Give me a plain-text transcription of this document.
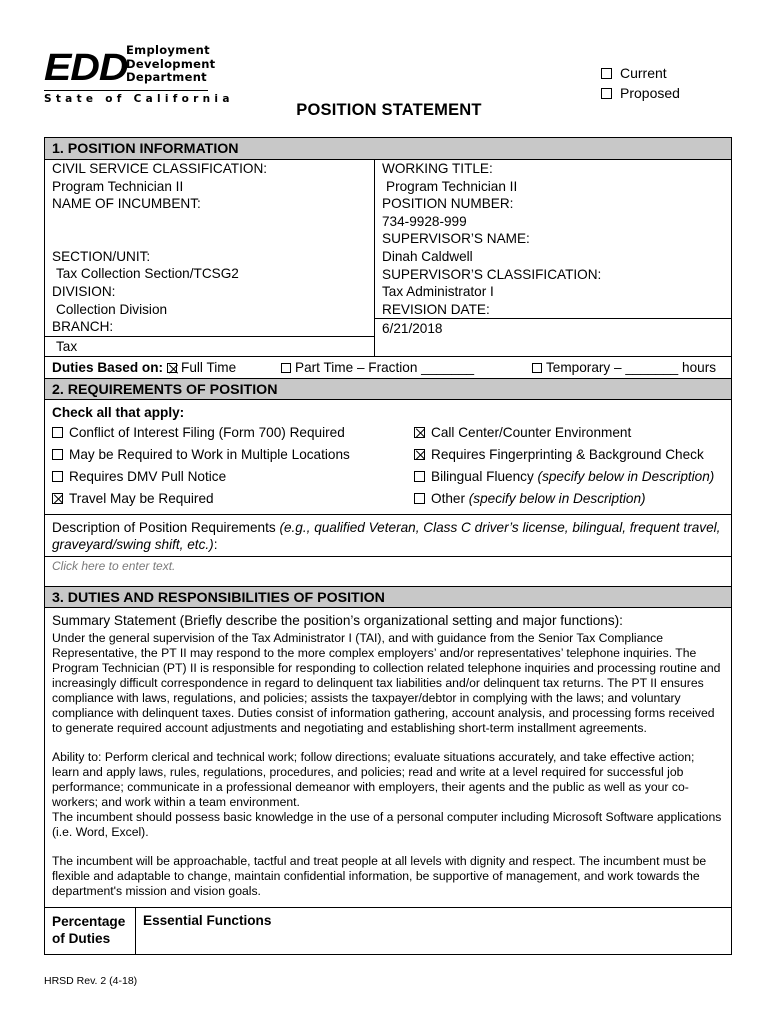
EDD
Employment
Development
Department
State of California
Current
Proposed
POSITION STATEMENT
1. POSITION INFORMATION
CIVIL SERVICE CLASSIFICATION:
Program Technician II
NAME OF INCUMBENT:
SECTION/UNIT:
Tax Collection Section/TCSG2
DIVISION:
Collection Division
BRANCH:
Tax
WORKING TITLE:
Program Technician II
POSITION NUMBER:
734-9928-999
SUPERVISOR’S NAME:
Dinah Caldwell
SUPERVISOR’S CLASSIFICATION:
Tax Administrator I
REVISION DATE:
6/21/2018
Duties Based on: Full Time	Part Time – Fraction _______	Temporary – _______ hours
2. REQUIREMENTS OF POSITION
Check all that apply:
Conflict of Interest Filing (Form 700) Required	Call Center/Counter Environment
May be Required to Work in Multiple Locations	Requires Fingerprinting & Background Check
Requires DMV Pull Notice	Bilingual Fluency
(specify below in Description)
Travel May be Required	Other
(specify below in Description)
Description of Position Requirements (e.g., qualified Veteran, Class C driver’s license, bilingual, frequent travel, graveyard/swing shift, etc.):
Click here to enter text.
3. DUTIES AND RESPONSIBILITIES OF POSITION
Summary Statement (Briefly describe the position’s organizational setting and major functions):
Under the general supervision of the Tax Administrator I (TAI), and with guidance from the Senior Tax Compliance Representative, the PT II may respond to the more complex employers’ and/or representatives’ telephone inquiries. The Program Technician (PT) II is responsible for responding to collection related telephone inquiries and processing routine and increasingly difficult correspondence in regard to delinquent tax liabilities and/or delinquent tax returns. The PT II ensures compliance with laws, regulations, and policies; assists the taxpayer/debtor in complying with the laws; and voluntary compliance with delinquent taxes. Duties consist of information gathering, account analysis, and processing forms received to generate required account adjustments and negotiating and establishing short-term installment agreements.
Ability to: Perform clerical and technical work; follow directions; evaluate situations accurately, and take effective action; learn and apply laws, rules, regulations, procedures, and policies; read and write at a level required for successful job performance; communicate in a professional demeanor with employers, their agents and the public as well as your co-workers; and work within a team environment.
The incumbent should possess basic knowledge in the use of a personal computer including Microsoft Software applications (i.e. Word, Excel).
The incumbent will be approachable, tactful and treat people at all levels with dignity and respect. The incumbent must be flexible and adaptable to change, maintain confidential information, be supportive of management, and work towards the department's mission and vision goals.
Percentage of Duties
Essential Functions
HRSD Rev. 2 (4-18)
